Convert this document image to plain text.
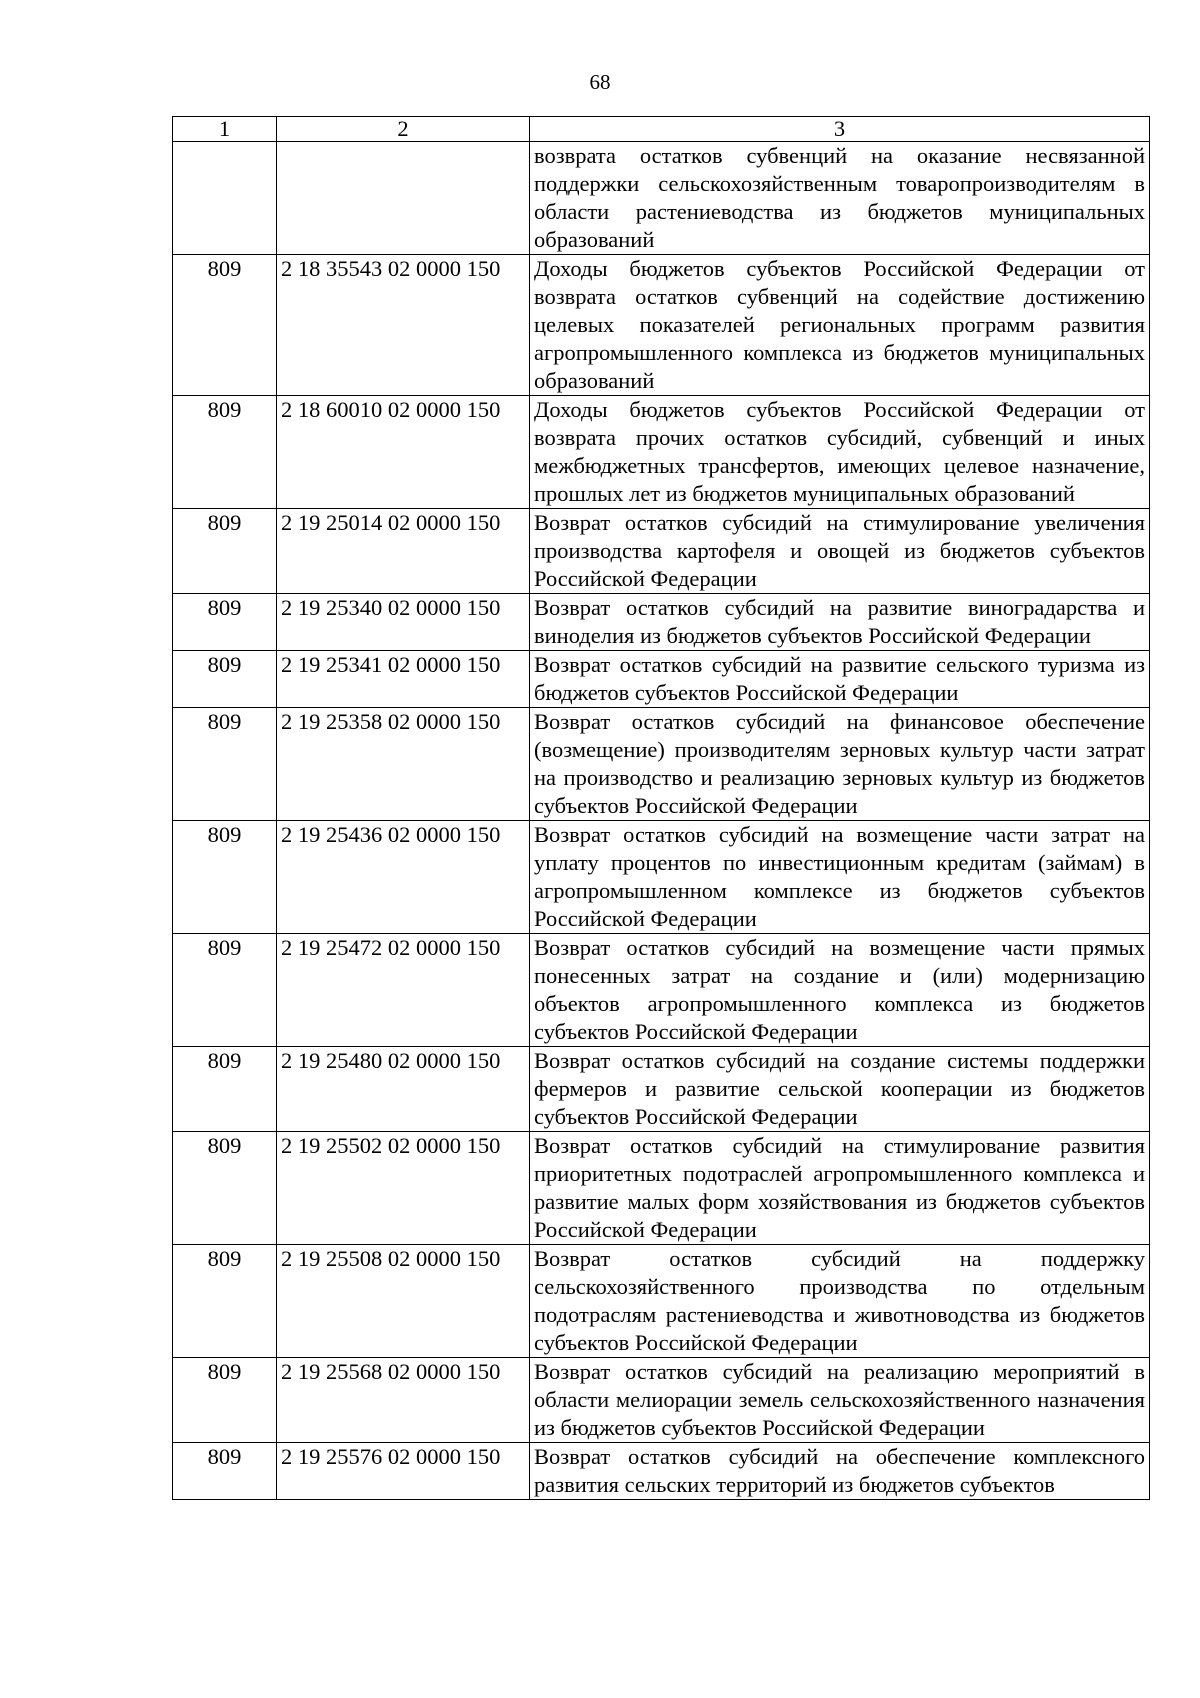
68
1	2	3
		возврата остатков субвенций на оказание несвязанной поддержки сельскохозяйственным товаропроизводителям в области растениеводства из бюджетов муниципальных образований
809	2 18 35543 02 0000 150	Доходы бюджетов субъектов Российской Федерации от возврата остатков субвенций на содействие достижению целевых показателей региональных программ развития агропромышленного комплекса из бюджетов муниципальных образований
809	2 18 60010 02 0000 150	Доходы бюджетов субъектов Российской Федерации от возврата прочих остатков субсидий, субвенций и иных межбюджетных трансфертов, имеющих целевое назначение, прошлых лет из бюджетов муниципальных образований
809	2 19 25014 02 0000 150	Возврат остатков субсидий на стимулирование увеличения производства картофеля и овощей из бюджетов субъектов Российской Федерации
809	2 19 25340 02 0000 150	Возврат остатков субсидий на развитие виноградарства и виноделия из бюджетов субъектов Российской Федерации
809	2 19 25341 02 0000 150	Возврат остатков субсидий на развитие сельского туризма из бюджетов субъектов Российской Федерации
809	2 19 25358 02 0000 150	Возврат остатков субсидий на финансовое обеспечение (возмещение) производителям зерновых культур части затрат на производство и реализацию зерновых культур из бюджетов субъектов Российской Федерации
809	2 19 25436 02 0000 150	Возврат остатков субсидий на возмещение части затрат на уплату процентов по инвестиционным кредитам (займам) в агропромышленном комплексе из бюджетов субъектов Российской Федерации
809	2 19 25472 02 0000 150	Возврат остатков субсидий на возмещение части прямых понесенных затрат на создание и (или) модернизацию объектов агропромышленного комплекса из бюджетов субъектов Российской Федерации
809	2 19 25480 02 0000 150	Возврат остатков субсидий на создание системы поддержки фермеров и развитие сельской кооперации из бюджетов субъектов Российской Федерации
809	2 19 25502 02 0000 150	Возврат остатков субсидий на стимулирование развития приоритетных подотраслей агропромышленного комплекса и развитие малых форм хозяйствования из бюджетов субъектов Российской Федерации
809	2 19 25508 02 0000 150	Возврат остатков субсидий на поддержку сельскохозяйственного производства по отдельным подотраслям растениеводства и животноводства из бюджетов субъектов Российской Федерации
809	2 19 25568 02 0000 150	Возврат остатков субсидий на реализацию мероприятий в области мелиорации земель сельскохозяйственного назначения из бюджетов субъектов Российской Федерации
809	2 19 25576 02 0000 150	Возврат остатков субсидий на обеспечение комплексного развития сельских территорий из бюджетов субъектов
